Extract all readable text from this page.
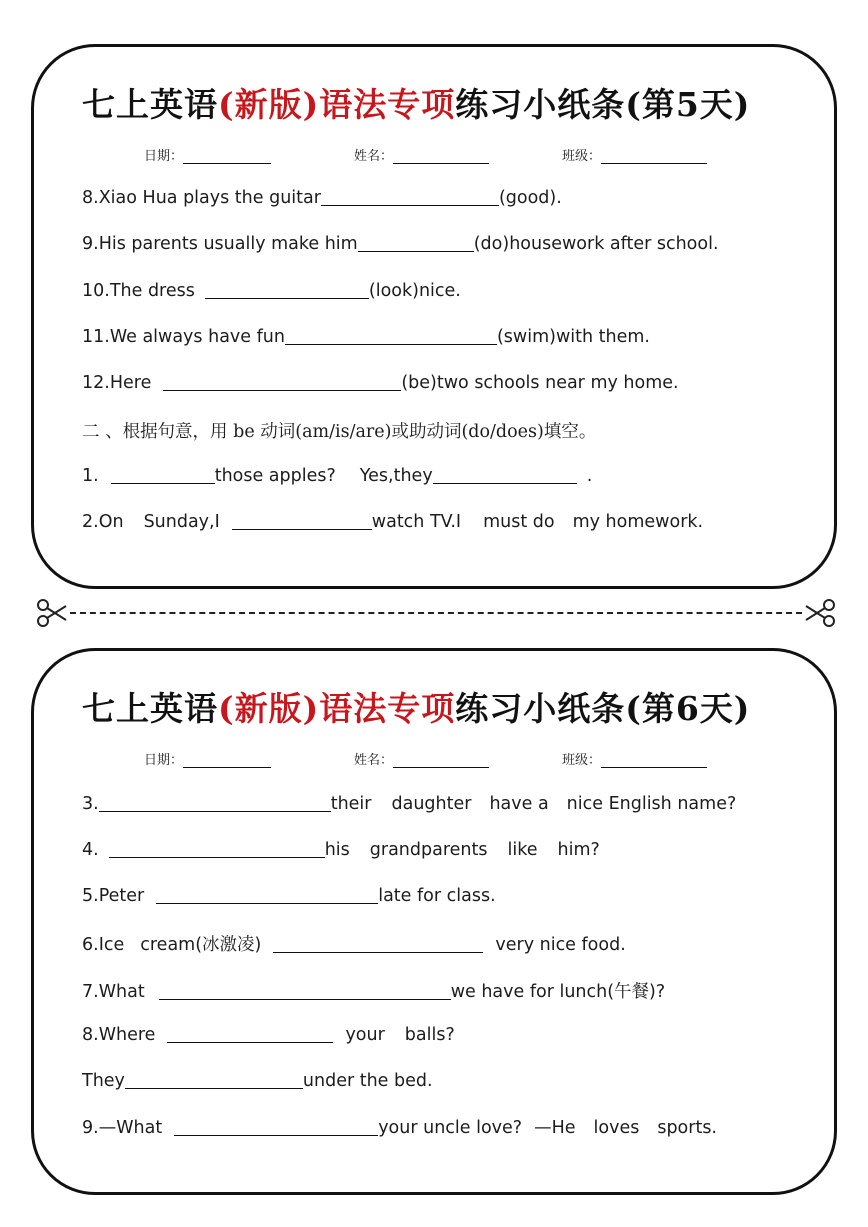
七上英语(新版)语法专项练习小纸条(第5天)
日期：	姓名：	班级：
8.Xiao Hua plays the guitar	(good).
9.His parents usually make him	(do)housework after school.
10.The dress	(look)nice.
11.We always have fun	(swim)with them.
12.Here	(be)two schools near my home.
二 、根据句意，用 be 动词(am/is/are)或助动词(do/does)填空。
1.	those apples? Yes,they	.
2.On Sunday,I	watch TV.I must do my homework.
七上英语(新版)语法专项练习小纸条(第6天)
日期：	姓名：	班级：
3.	their daughter have a nice English name?
4.	his grandparents like him?
5.Peter	late for class.
6.Ice cream(冰激凌)	very nice food.
7.What	we have for lunch(午餐)?
8.Where	your balls?
They	under the bed.
9.—What	your uncle love? —He loves sports.
